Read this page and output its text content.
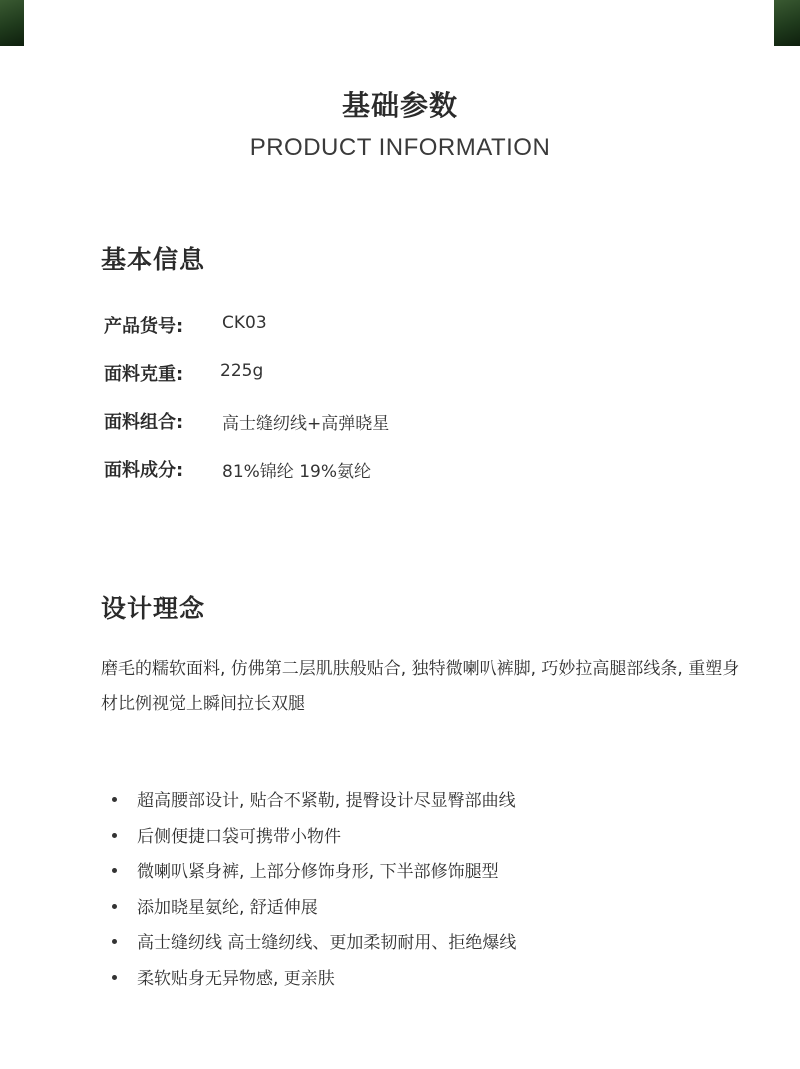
基础参数
PRODUCT INFORMATION
基本信息
产品货号: CK03
面料克重: 225g
面料组合: 高士缝纫线+高弹晓星
面料成分: 81%锦纶 19%氨纶
设计理念
磨毛的糯软面料, 仿佛第二层肌肤般贴合, 独特微喇叭裤脚, 巧妙拉高腿部线条, 重塑身材比例视觉上瞬间拉长双腿
超高腰部设计, 贴合不紧勒, 提臀设计尽显臀部曲线
后侧便捷口袋可携带小物件
微喇叭紧身裤, 上部分修饰身形, 下半部修饰腿型
添加晓星氨纶, 舒适伸展
高士缝纫线 高士缝纫线、更加柔韧耐用、拒绝爆线
柔软贴身无异物感, 更亲肤
